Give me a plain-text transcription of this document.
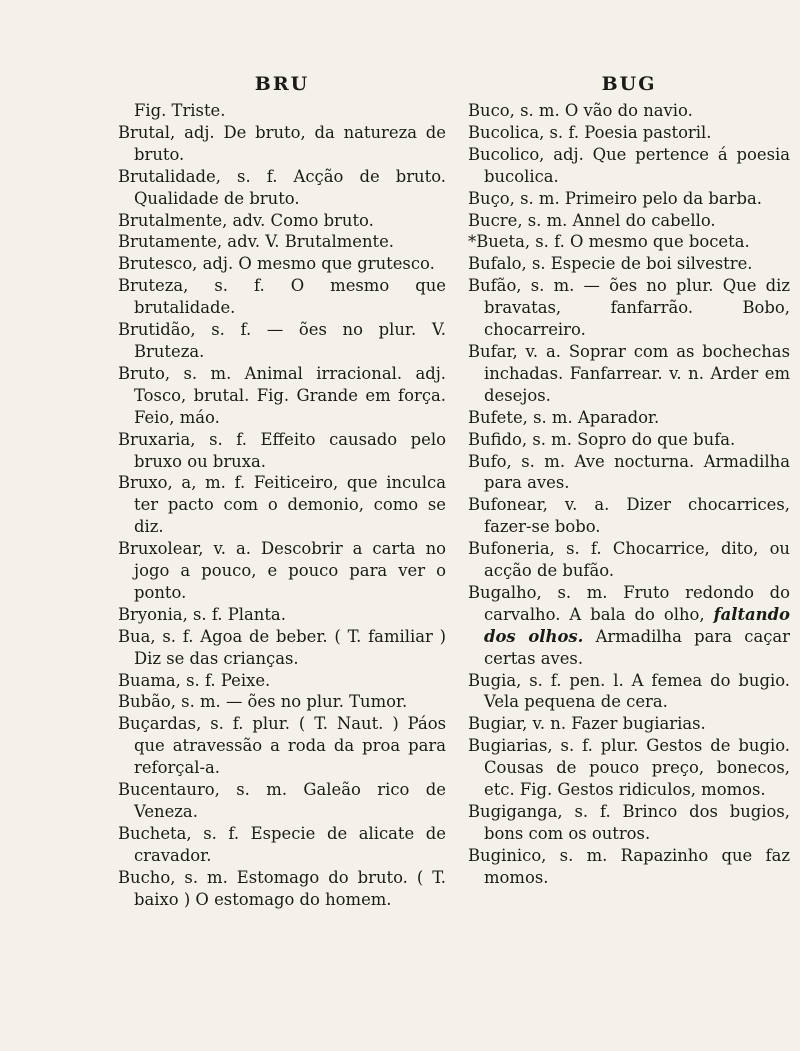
BRU

Fig. Triste.

Brutal, adj. De bruto, da natureza de bruto.

Brutalidade, s. f. Acção de bruto. Qualidade de bruto.

Brutalmente, adv. Como bruto.

Brutamente, adv. V. Brutalmente.

Brutesco, adj. O mesmo que grutesco.

Bruteza, s. f. O mesmo que brutalidade.

Brutidão, s. f. — ões no plur. V. Bruteza.

Bruto, s. m. Animal irracional. adj. Tosco, brutal. Fig. Grande em força. Feio, máo.

Bruxaria, s. f. Effeito causado pelo bruxo ou bruxa.

Bruxo, a, m. f. Feiticeiro, que inculca ter pacto com o demonio, como se diz.

Bruxolear, v. a. Descobrir a carta no jogo a pouco, e pouco para ver o ponto.

Bryonia, s. f. Planta.

Bua, s. f. Agoa de beber. ( T. familiar ) Diz se das crianças.

Buama, s. f. Peixe.

Bubão, s. m. — ões no plur. Tumor.

Buçardas, s. f. plur. ( T. Naut. ) Páos que atravessão a roda da proa para reforçal-a.

Bucentauro, s. m. Galeão rico de Veneza.

Bucheta, s. f. Especie de alicate de cravador.

Bucho, s. m. Estomago do bruto. ( T. baixo ) O estomago do homem.

BUG

Buco, s. m. O vão do navio.

Bucolica, s. f. Poesia pastoril.

Bucolico, adj. Que pertence á poesia bucolica.

Buço, s. m. Primeiro pelo da barba.

Bucre, s. m. Annel do cabello.

*Bueta, s. f. O mesmo que boceta.

Bufalo, s. Especie de boi silvestre.

Bufão, s. m. — ões no plur. Que diz bravatas, fanfarrão. Bobo, chocarreiro.

Bufar, v. a. Soprar com as bochechas inchadas. Fanfarrear. v. n. Arder em desejos.

Bufete, s. m. Aparador.

Bufido, s. m. Sopro do que bufa.

Bufo, s. m. Ave nocturna. Armadilha para aves.

Bufonear, v. a. Dizer chocarrices, fazer-se bobo.

Bufoneria, s. f. Chocarrice, dito, ou acção de bufão.

Bugalho, s. m. Fruto redondo do carvalho. A bala do olho, faltando dos olhos. Armadilha para caçar certas aves.

Bugia, s. f. pen. l. A femea do bugio. Vela pequena de cera.

Bugiar, v. n. Fazer bugiarias.

Bugiarias, s. f. plur. Gestos de bugio. Cousas de pouco preço, bonecos, etc. Fig. Gestos ridiculos, momos.

Bugiganga, s. f. Brinco dos bugios, bons com os outros.

Buginico, s. m. Rapazinho que faz momos.
